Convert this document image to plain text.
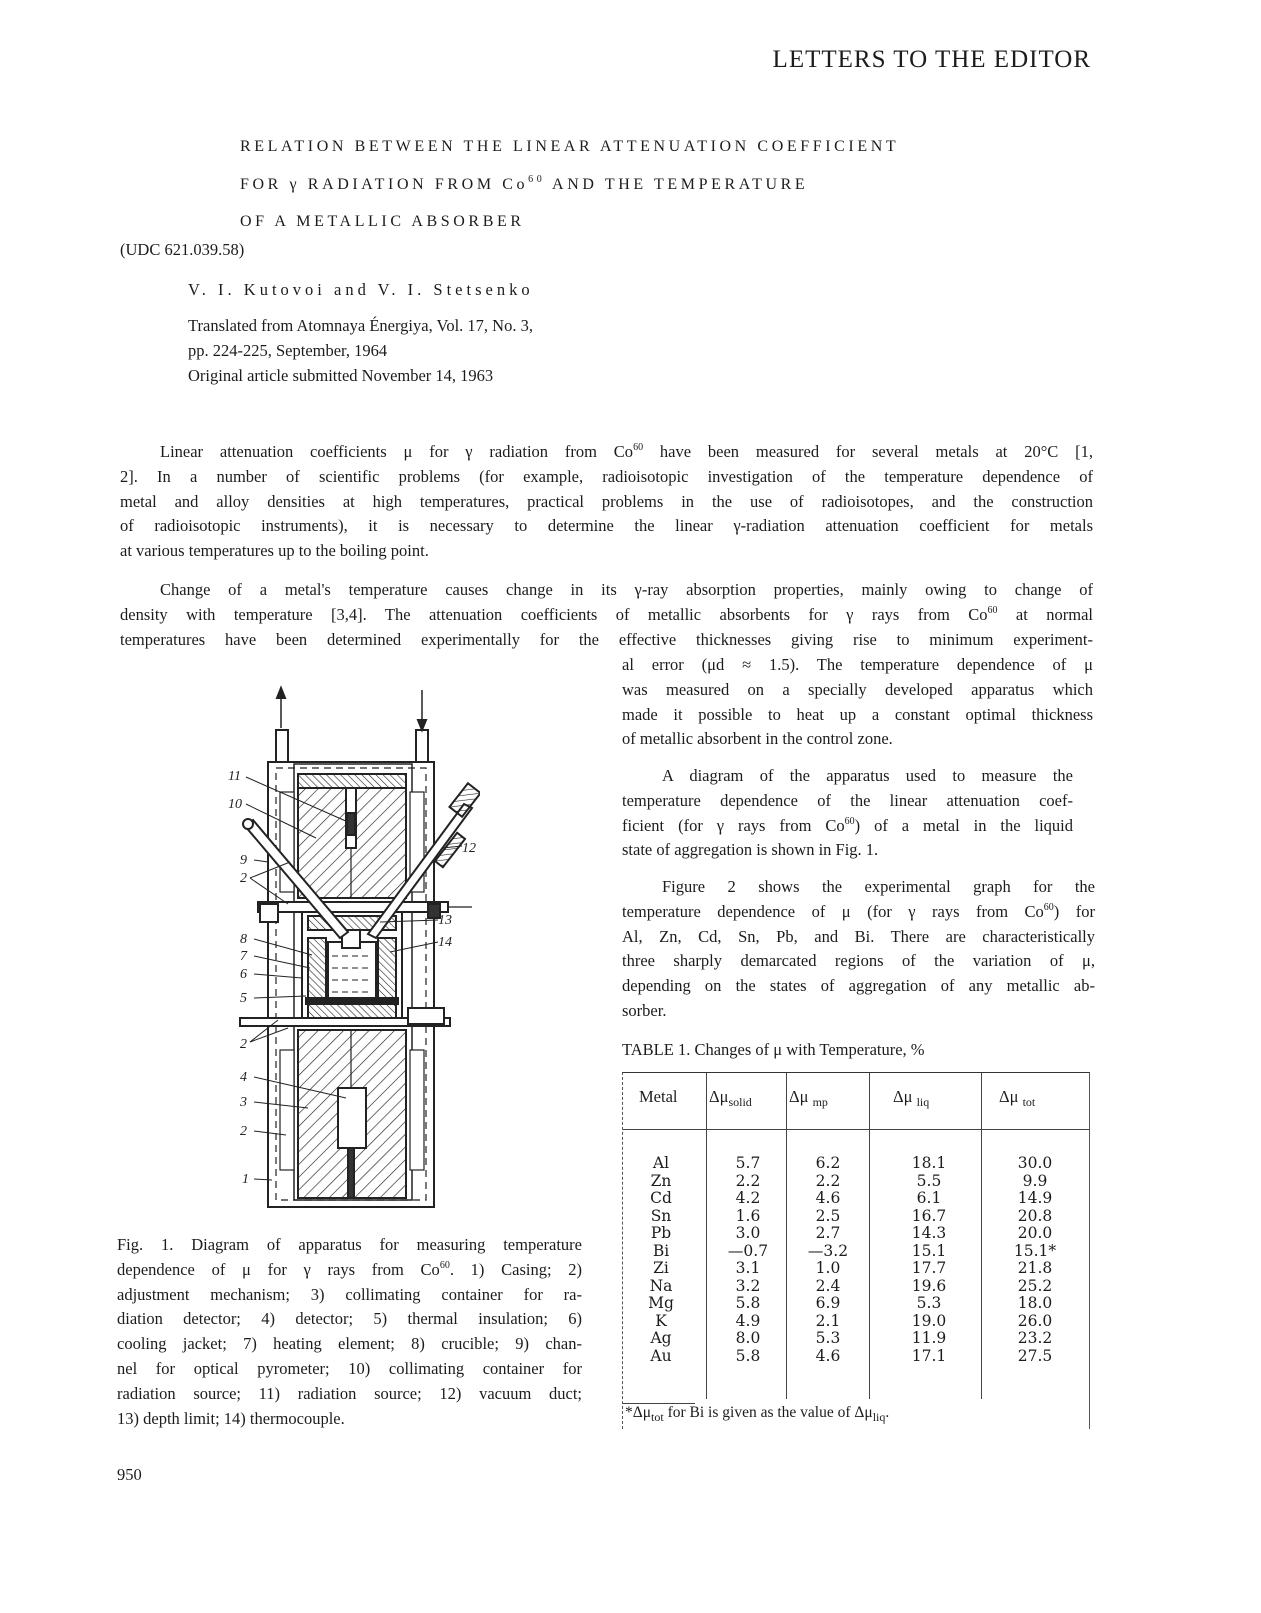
LETTERS TO THE EDITOR
RELATION BETWEEN THE LINEAR ATTENUATION COEFFICIENT
FOR γ RADIATION FROM Co$^{60}$ AND THE TEMPERATURE
OF A METALLIC ABSORBER
(UDC 621.039.58)
V. I. Kutovoi and V. I. Stetsenko
Translated from Atomnaya Énergiya, Vol. 17, No. 3,
pp. 224-225, September, 1964
Original article submitted November 14, 1963
Linear attenuation coefficients μ for γ radiation from Co$^{60}$ have been measured for several metals at 20°C [1,
2]. In a number of scientific problems (for example, radioisotopic investigation of the temperature dependence of
metal and alloy densities at high temperatures, practical problems in the use of radioisotopes, and the construction
of radioisotopic instruments), it is necessary to determine the linear γ-radiation attenuation coefficient for metals
at various temperatures up to the boiling point.
Change of a metal's temperature causes change in its γ-ray absorption properties, mainly owing to change of
density with temperature [3,4]. The attenuation coefficients of metallic absorbents for γ rays from Co$^{60}$ at normal
temperatures have been determined experimentally for the effective thicknesses giving rise to minimum experiment-
al error (μd ≈ 1.5). The temperature dependence of μ
was measured on a specially developed apparatus which
made it possible to heat up a constant optimal thickness
of metallic absorbent in the control zone.
A diagram of the apparatus used to measure the
temperature dependence of the linear attenuation coef-
ficient (for γ rays from Co$^{60}$) of a metal in the liquid
state of aggregation is shown in Fig. 1.
Figure 2 shows the experimental graph for the
temperature dependence of μ (for γ rays from Co$^{60}$) for
Al, Zn, Cd, Sn, Pb, and Bi. There are characteristically
three sharply demarcated regions of the variation of μ,
depending on the states of aggregation of any metallic ab-
sorber.
11
10
9
2
8
7
6
5
2
4
3
2
1
12
13
14
Fig. 1. Diagram of apparatus for measuring temperature
dependence of μ for γ rays from Co$^{60}$. 1) Casing; 2)
adjustment mechanism; 3) collimating container for ra-
diation detector; 4) detector; 5) thermal insulation; 6)
cooling jacket; 7) heating element; 8) crucible; 9) chan-
nel for optical pyrometer; 10) collimating container for
radiation source; 11) radiation source; 12) vacuum duct;
13) depth limit; 14) thermocouple.
TABLE 1. Changes of μ with Temperature, %
Metal $\Delta\mu_{solid}$ Δμ $_{mp}$	Δμ $_{liq}$	Δμ $_{tot}$
Al
Zn
Cd
Sn
Pb
Bi
Zi
Na
Mg
K
Ag
Au
5.7
2.2
4.2
1.6
3.0
—0.7
3.1
3.2
5.8
4.9
8.0
5.8
6.2
2.2
4.6
2.5
2.7
—3.2
1.0
2.4
6.9
2.1
5.3
4.6
18.1
5.5
6.1
16.7
14.3
15.1
17.7
19.6
5.3
19.0
11.9
17.1
30.0
9.9
14.9
20.8
20.0
15.1*
21.8
25.2
18.0
26.0
23.2
27.5
$*\Delta\mu_{tot}$ for Bi is given as the value of $\Delta\mu_{liq}$.
950
